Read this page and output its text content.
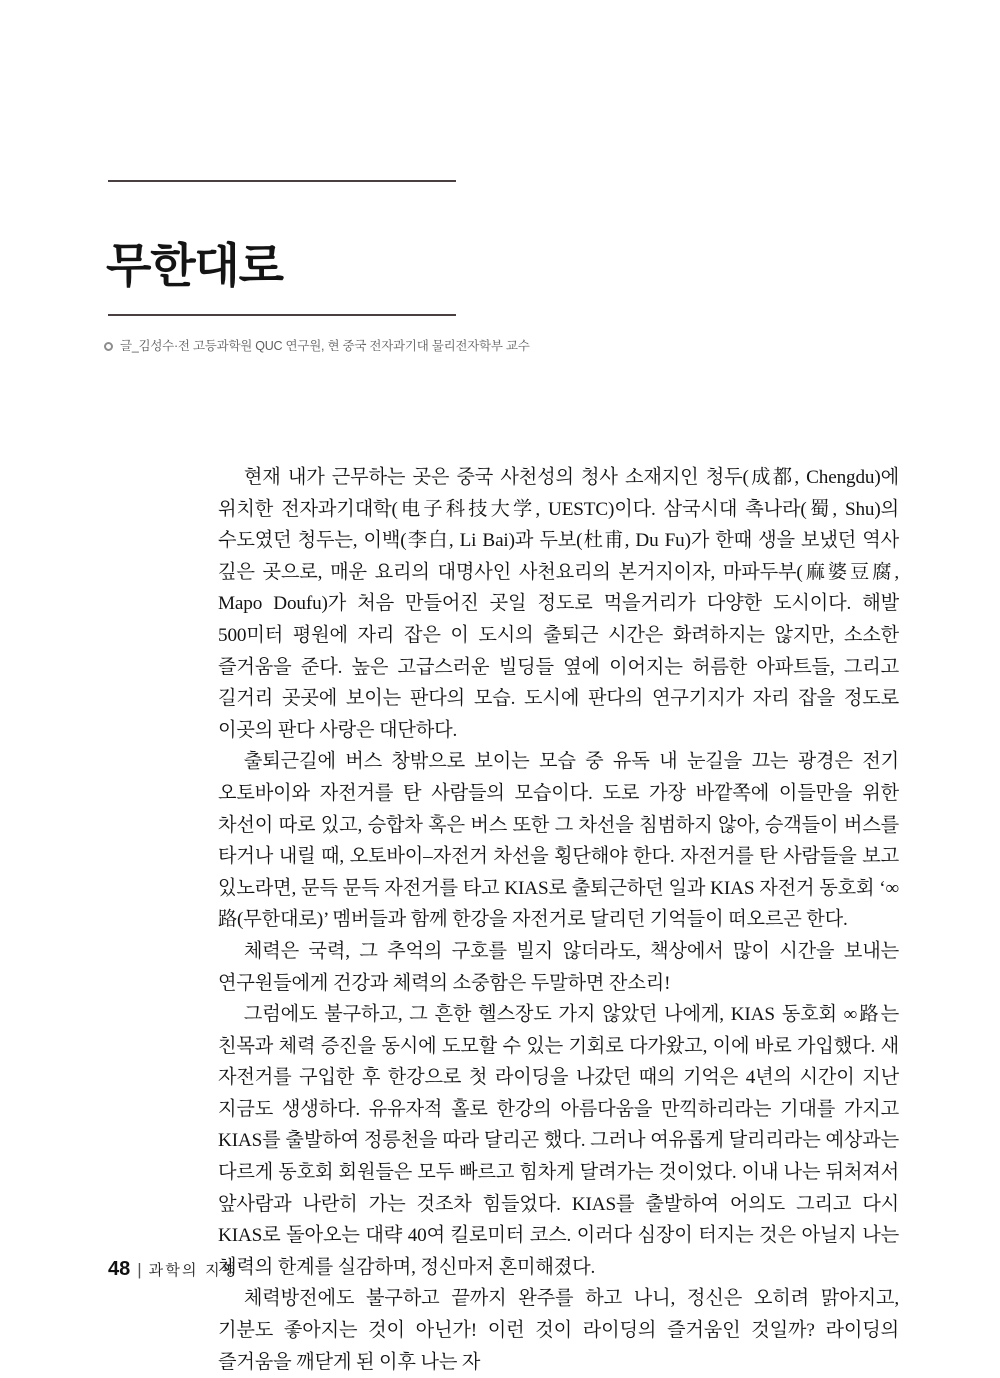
무한대로
글_김성수·전 고등과학원 QUC 연구원, 현 중국 전자과기대 물리전자학부 교수

현재 내가 근무하는 곳은 중국 사천성의 청사 소재지인 청두(成都, Chengdu)에 위치한 전자과기대학(电子科技大学, UESTC)이다. 삼국시대 촉나라(蜀, Shu)의 수도였던 청두는, 이백(李白, Li Bai)과 두보(杜甫, Du Fu)가 한때 생을 보냈던 역사 깊은 곳으로, 매운 요리의 대명사인 사천요리의 본거지이자, 마파두부(麻婆豆腐, Mapo Doufu)가 처음 만들어진 곳일 정도로 먹을거리가 다양한 도시이다. 해발 500미터 평원에 자리 잡은 이 도시의 출퇴근 시간은 화려하지는 않지만, 소소한 즐거움을 준다. 높은 고급스러운 빌딩들 옆에 이어지는 허름한 아파트들, 그리고 길거리 곳곳에 보이는 판다의 모습. 도시에 판다의 연구기지가 자리 잡을 정도로 이곳의 판다 사랑은 대단하다.

출퇴근길에 버스 창밖으로 보이는 모습 중 유독 내 눈길을 끄는 광경은 전기 오토바이와 자전거를 탄 사람들의 모습이다. 도로 가장 바깥쪽에 이들만을 위한 차선이 따로 있고, 승합차 혹은 버스 또한 그 차선을 침범하지 않아, 승객들이 버스를 타거나 내릴 때, 오토바이–자전거 차선을 횡단해야 한다. 자전거를 탄 사람들을 보고 있노라면, 문득 문득 자전거를 타고 KIAS로 출퇴근하던 일과 KIAS 자전거 동호회 ‘∞路(무한대로)’ 멤버들과 함께 한강을 자전거로 달리던 기억들이 떠오르곤 한다.

체력은 국력, 그 추억의 구호를 빌지 않더라도, 책상에서 많이 시간을 보내는 연구원들에게 건강과 체력의 소중함은 두말하면 잔소리!

그럼에도 불구하고, 그 흔한 헬스장도 가지 않았던 나에게, KIAS 동호회 ∞路는 친목과 체력 증진을 동시에 도모할 수 있는 기회로 다가왔고, 이에 바로 가입했다. 새 자전거를 구입한 후 한강으로 첫 라이딩을 나갔던 때의 기억은 4년의 시간이 지난 지금도 생생하다. 유유자적 홀로 한강의 아름다움을 만끽하리라는 기대를 가지고 KIAS를 출발하여 정릉천을 따라 달리곤 했다. 그러나 여유롭게 달리리라는 예상과는 다르게 동호회 회원들은 모두 빠르고 힘차게 달려가는 것이었다. 이내 나는 뒤처져서 앞사람과 나란히 가는 것조차 힘들었다. KIAS를 출발하여 어의도 그리고 다시 KIAS로 돌아오는 대략 40여 킬로미터 코스. 이러다 심장이 터지는 것은 아닐지 나는 체력의 한계를 실감하며, 정신마저 혼미해졌다.

체력방전에도 불구하고 끝까지 완주를 하고 나니, 정신은 오히려 맑아지고, 기분도 좋아지는 것이 아닌가! 이런 것이 라이딩의 즐거움인 것일까? 라이딩의 즐거움을 깨닫게 된 이후 나는 자

48 | 과학의 지평
